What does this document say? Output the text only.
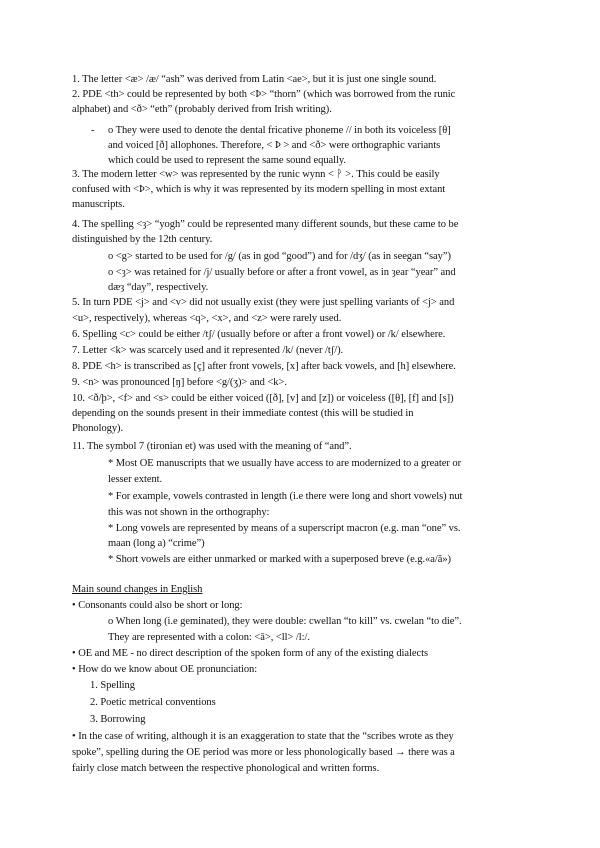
1. The letter <æ> /æ/ “ash” was derived from Latin <ae>, but it is just one single sound.
2. PDE <th> could be represented by both <Þ> “thorn” (which was borrowed from the runic
alphabet) and <ð> “eth” (probably derived from Irish writing).
- o They were used to denote the dental fricative phoneme // in both its voiceless [θ]
and voiced [ð] allophones. Therefore, < Þ > and <ð> were orthographic variants
which could be used to represent the same sound equally.
3. The modern letter <w> was represented by the runic wynn < ᚹ >. This could be easily
confused with <Þ>, which is why it was represented by its modern spelling in most extant
manuscripts.
4. The spelling <ȝ> “yogh” could be represented many different sounds, but these came to be
distinguished by the 12th century.
o <g> started to be used for /g/ (as in god “good”) and for /dʒ/ (as in seegan “say”)
o <ȝ> was retained for /j/ usually before or after a front vowel, as in ȝear “year” and
dæȝ “day”, respectively.
5. In turn PDE <j> and <v> did not usually exist (they were just spelling variants of <j> and
<u>, respectively), whereas <q>, <x>, and <z> were rarely used.
6. Spelling <c> could be either /tʃ/ (usually before or after a front vowel) or /k/ elsewhere.
7. Letter <k> was scarcely used and it represented /k/ (never /tʃ/).
8. PDE <h> is transcribed as [ç] after front vowels, [x] after back vowels, and [h] elsewhere.
9. <n> was pronounced [ŋ] before <g/(ʒ)> and <k>.
10. <ð/þ>, <f> and <s> could be either voiced ([ð], [v] and [z]) or voiceless ([θ], [f] and [s])
depending on the sounds present in their immediate contest (this will be studied in
Phonology).
11. The symbol 7 (tironian et) was used with the meaning of “and”.
* Most OE manuscripts that we usually have access to are modernized to a greater or
lesser extent.
* For example, vowels contrasted in length (i.e there were long and short vowels) nut
this was not shown in the orthography:
* Long vowels are represented by means of a superscript macron (e.g. man “one” vs.
maan (long a) “crime”)
* Short vowels are either unmarked or marked with a superposed breve (e.g.«a/ă»)
Main sound changes in English
• Consonants could also be short or long:
o When long (i.e geminated), they were double: cwellan “to kill” vs. cwelan “to die”.
They are represented with a colon: <ā>, <ll> /l:/.
• OE and ME - no direct description of the spoken form of any of the existing dialects
• How do we know about OE pronunciation:
1. Spelling
2. Poetic metrical conventions
3. Borrowing
• In the case of writing, although it is an exaggeration to state that the “scribes wrote as they
spoke”, spelling during the OE period was more or less phonologically based → there was a
fairly close match between the respective phonological and written forms.
